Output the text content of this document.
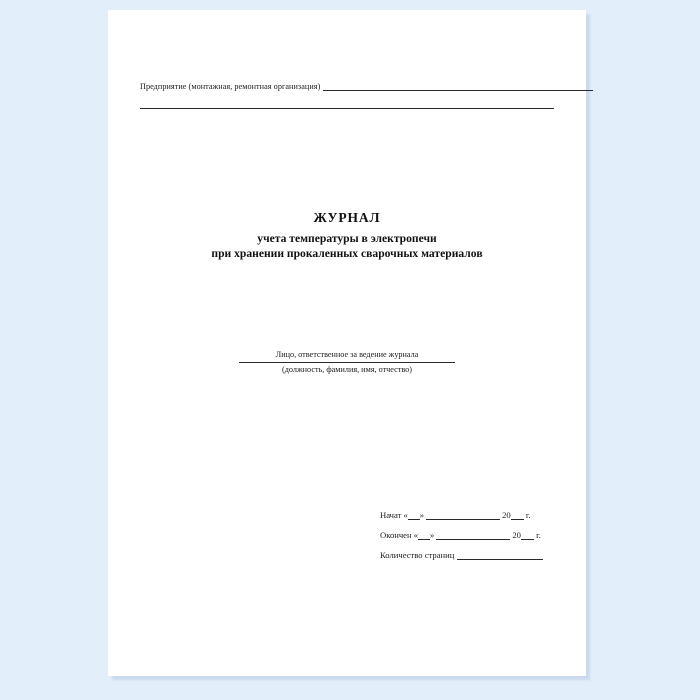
Предприятие (монтажная, ремонтная организация)
ЖУРНАЛ
учета температуры в электропечи
при хранении прокаленных сварочных материалов
Лицо, ответственное за ведение журнала
(должность, фамилия, имя, отчество)
Начат « »	20 г.
Окончен « »	20 г.
Количество страниц
